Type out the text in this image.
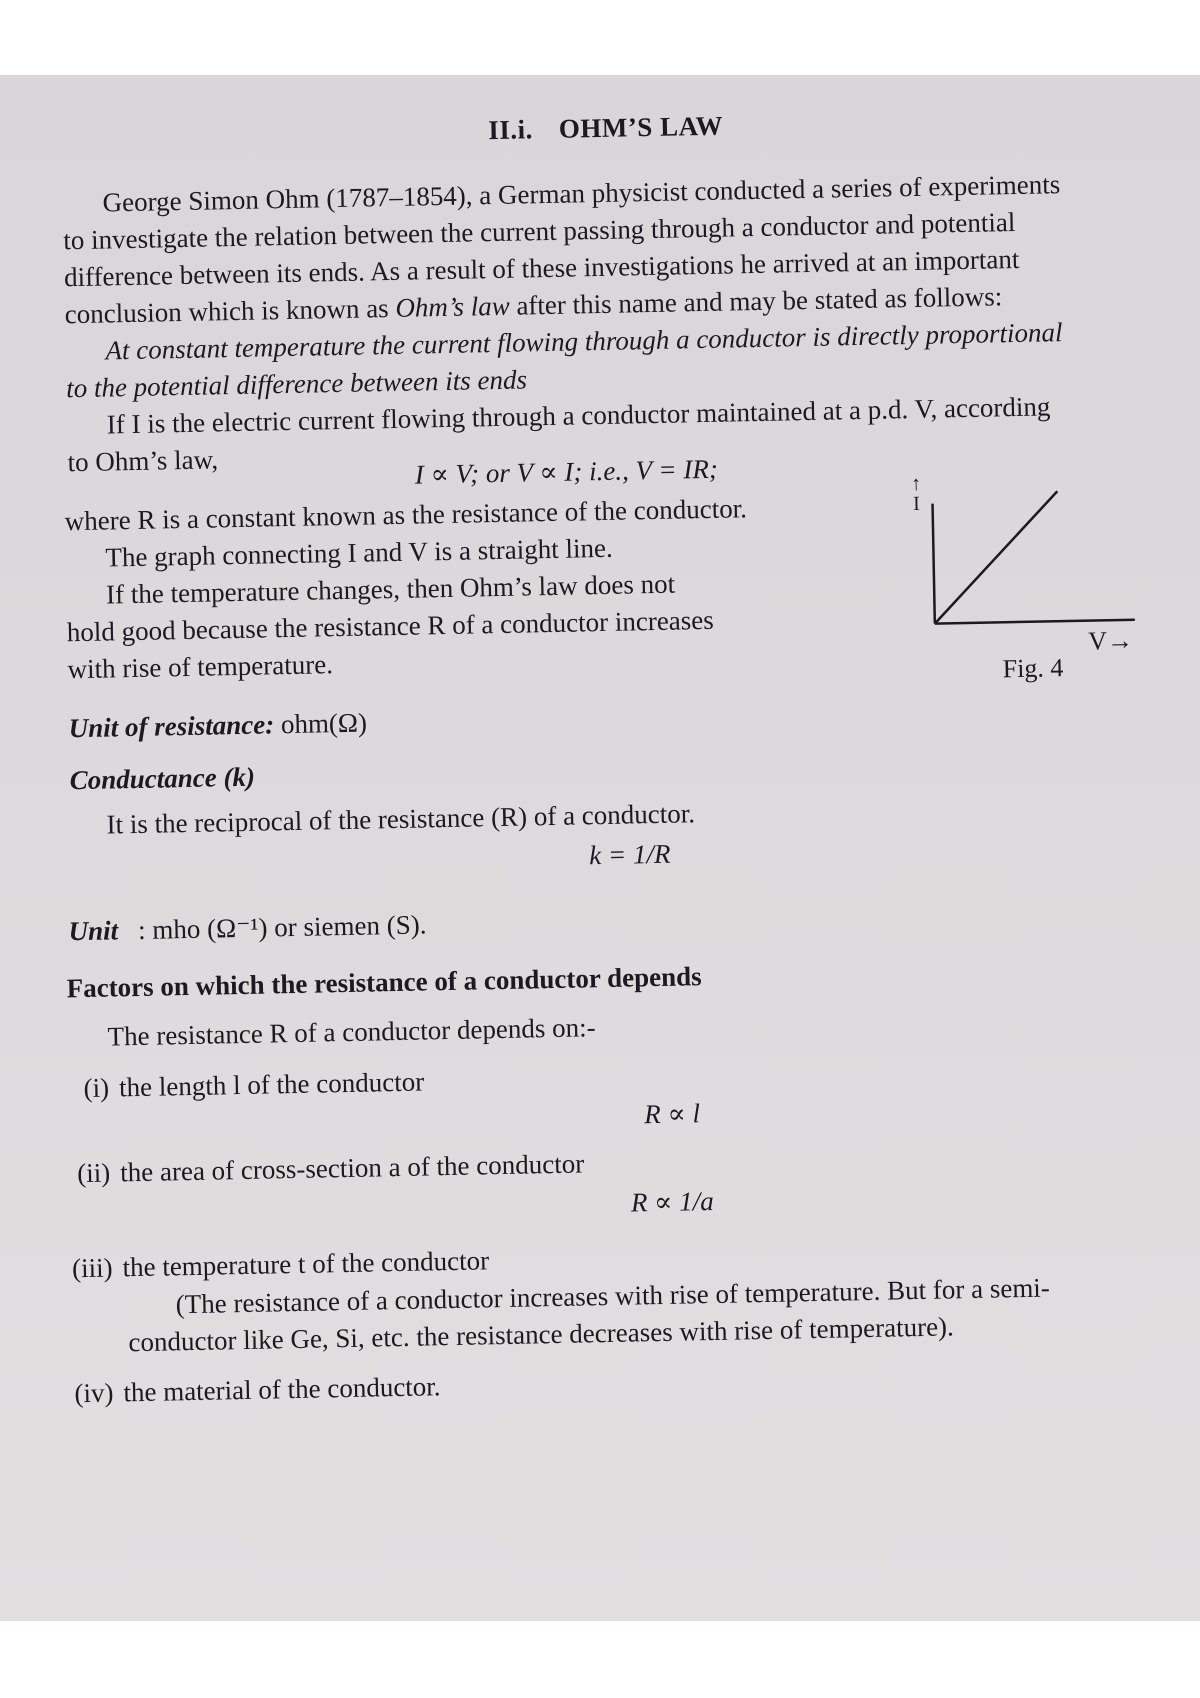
II.i. OHM’S LAW

George Simon Ohm (1787–1854), a German physicist conducted a series of experiments

to investigate the relation between the current passing through a conductor and potential

difference between its ends. As a result of these investigations he arrived at an important

conclusion which is known as Ohm’s law after this name and may be stated as follows:

At constant temperature the current flowing through a conductor is directly proportional

to the potential difference between its ends

If I is the electric current flowing through a conductor maintained at a p.d. V, according

to Ohm’s law,	I ∝ V; or V ∝ I; i.e., V = IR;
where R is a constant known as the resistance of the conductor.
The graph connecting I and V is a straight line.
If the temperature changes, then Ohm’s law does not
hold good because the resistance R of a conductor increases
with rise of temperature.
↑
I
V→
Fig. 4
Unit of resistance: ohm(Ω)
Conductance (k)
It is the reciprocal of the resistance (R) of a conductor.
k = 1/R
Unit : mho (Ω⁻¹) or siemen (S).
Factors on which the resistance of a conductor depends
The resistance R of a conductor depends on:-
(i) the length l of the conductor
R ∝ l
(ii) the area of cross-section a of the conductor
R ∝ 1/a
(iii) the temperature t of the conductor
(The resistance of a conductor increases with rise of temperature. But for a semi-
conductor like Ge, Si, etc. the resistance decreases with rise of temperature).
(iv) the material of the conductor.
